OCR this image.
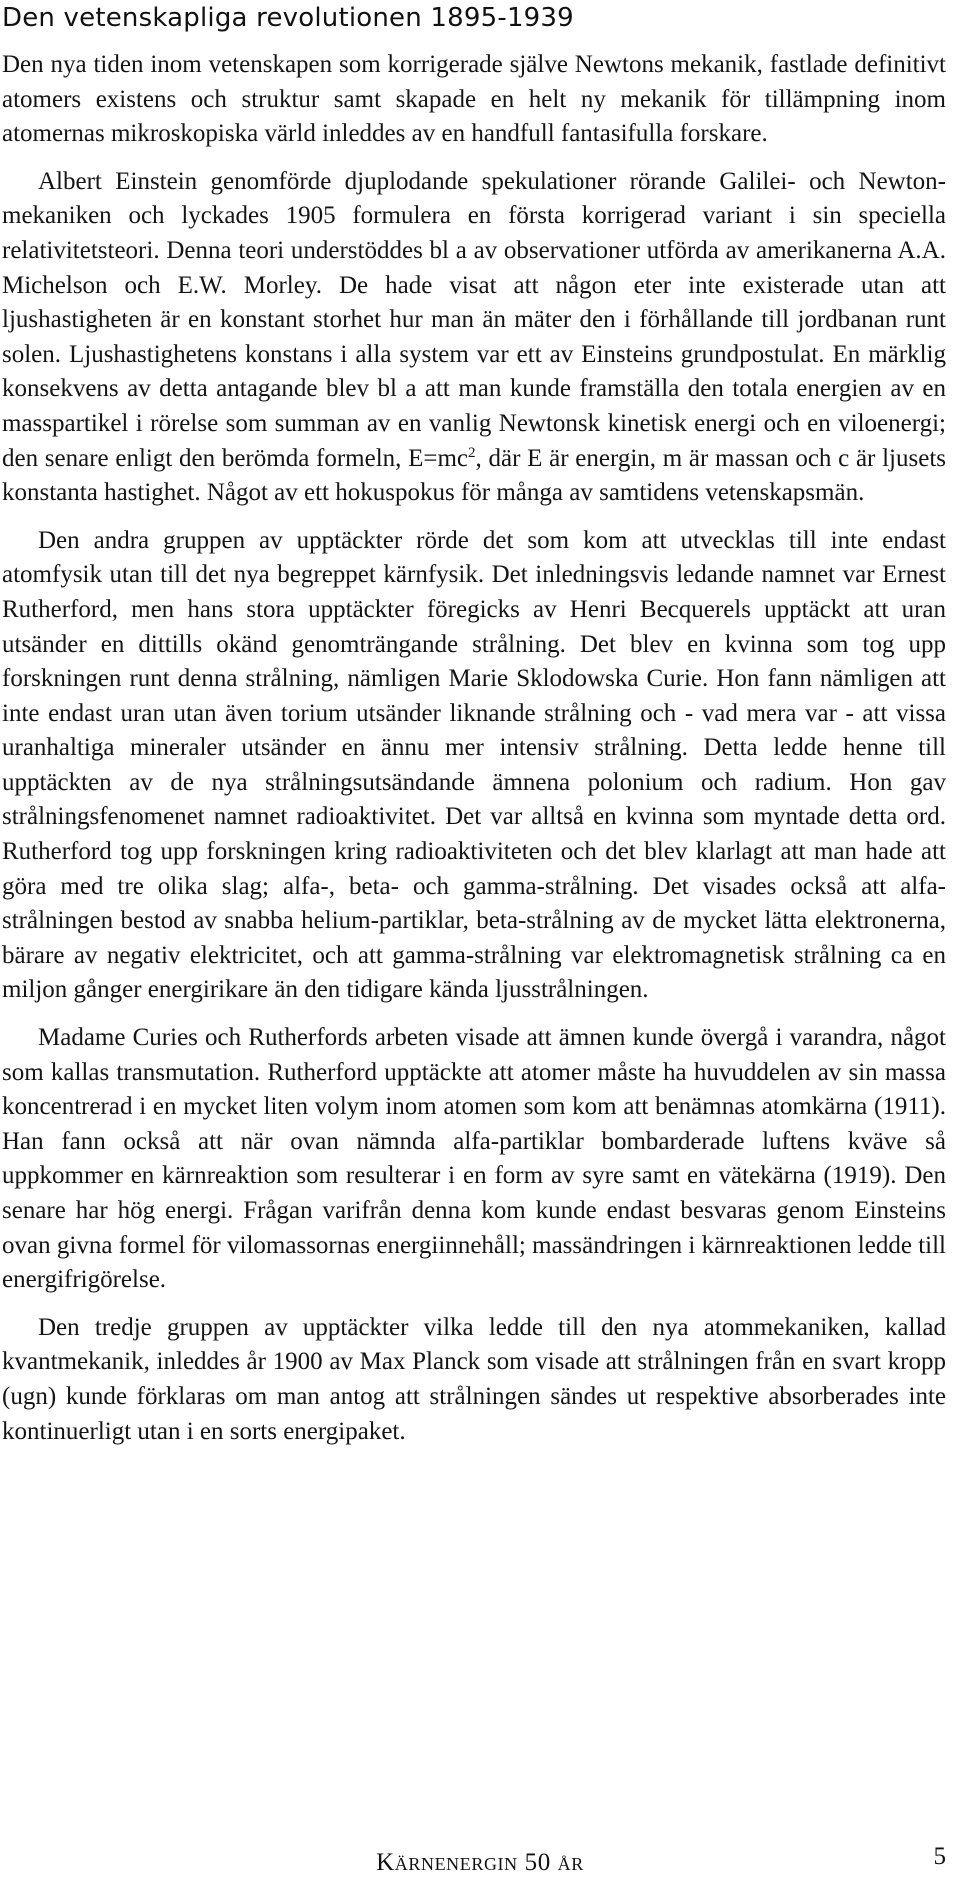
Den vetenskapliga revolutionen 1895-1939

Den nya tiden inom vetenskapen som korrigerade själve Newtons mekanik, fastlade definitivt atomers existens och struktur samt skapade en helt ny mekanik för tillämpning inom atomernas mikroskopiska värld inleddes av en handfull fantasifulla forskare.

Albert Einstein genomförde djuplodande spekulationer rörande Galilei- och Newton-mekaniken och lyckades 1905 formulera en första korrigerad variant i sin speciella relativitetsteori. Denna teori understöddes bl a av observationer utförda av amerikanerna A.A. Michelson och E.W. Morley. De hade visat att någon eter inte existerade utan att ljushastigheten är en konstant storhet hur man än mäter den i förhållande till jordbanan runt solen. Ljushastighetens konstans i alla system var ett av Einsteins grundpostulat. En märklig konsekvens av detta antagande blev bl a att man kunde framställa den totala energien av en masspartikel i rörelse som summan av en vanlig Newtonsk kinetisk energi och en viloenergi; den senare enligt den berömda formeln, $E=mc^2$, där E är energin, m är massan och c är ljusets konstanta hastighet. Något av ett hokuspokus för många av samtidens vetenskapsmän.

Den andra gruppen av upptäckter rörde det som kom att utvecklas till inte endast atomfysik utan till det nya begreppet kärnfysik. Det inledningsvis ledande namnet var Ernest Rutherford, men hans stora upptäckter föregicks av Henri Becquerels upptäckt att uran utsänder en dittills okänd genomträngande strålning. Det blev en kvinna som tog upp forskningen runt denna strålning, nämligen Marie Sklodowska Curie. Hon fann nämligen att inte endast uran utan även torium utsänder liknande strålning och - vad mera var - att vissa uranhaltiga mineraler utsänder en ännu mer intensiv strålning. Detta ledde henne till upptäckten av de nya strålningsutsändande ämnena polonium och radium. Hon gav strålningsfenomenet namnet radioaktivitet. Det var alltså en kvinna som myntade detta ord. Rutherford tog upp forskningen kring radioaktiviteten och det blev klarlagt att man hade att göra med tre olika slag; alfa-, beta- och gamma-strålning. Det visades också att alfa-strålningen bestod av snabba helium-partiklar, beta-strålning av de mycket lätta elektronerna, bärare av negativ elektricitet, och att gamma-strålning var elektromagnetisk strålning ca en miljon gånger energirikare än den tidigare kända ljusstrålningen.

Madame Curies och Rutherfords arbeten visade att ämnen kunde övergå i varandra, något som kallas transmutation. Rutherford upptäckte att atomer måste ha huvuddelen av sin massa koncentrerad i en mycket liten volym inom atomen som kom att benämnas atomkärna (1911). Han fann också att när ovan nämnda alfa-partiklar bombarderade luftens kväve så uppkommer en kärnreaktion som resulterar i en form av syre samt en vätekärna (1919). Den senare har hög energi. Frågan varifrån denna kom kunde endast besvaras genom Einsteins ovan givna formel för vilomassornas energiinnehåll; massändringen i kärnreaktionen ledde till energifrigörelse.

Den tredje gruppen av upptäckter vilka ledde till den nya atommekaniken, kallad kvantmekanik, inleddes år 1900 av Max Planck som visade att strålningen från en svart kropp (ugn) kunde förklaras om man antog att strålningen sändes ut respektive absorberades inte kontinuerligt utan i en sorts energipaket.

Kärnenergin 50 år	5
